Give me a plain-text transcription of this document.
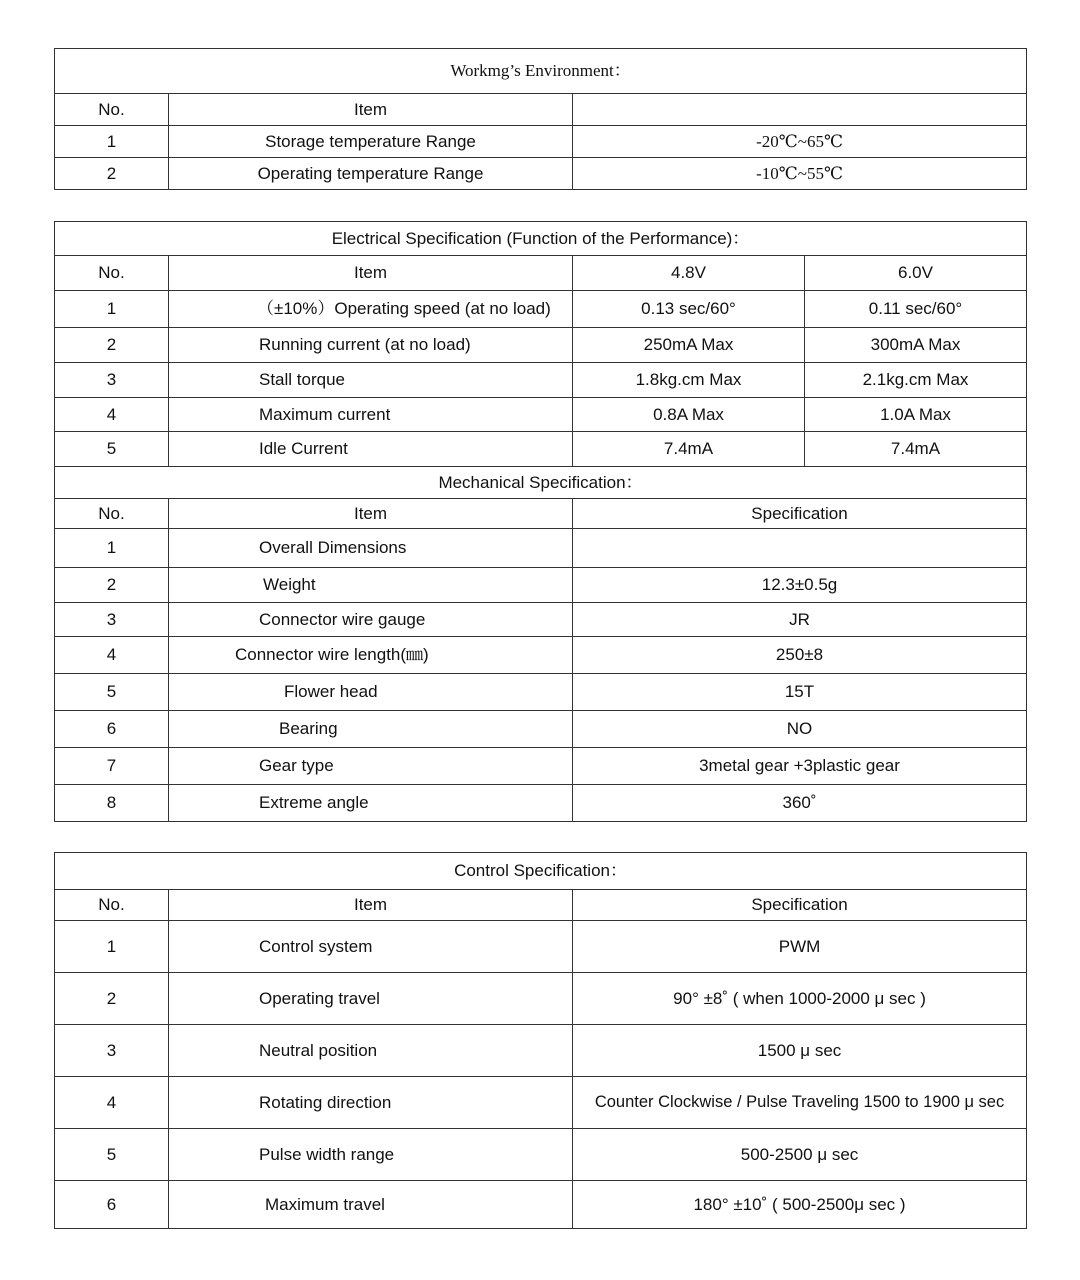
Workmg’s Environment：		
No.	Item	
1	Storage temperature Range	-20℃~65℃
2	Operating temperature Range	-10℃~55℃
Electrical Specification (Function of the Performance)：			
No.	Item	4.8V	6.0V
1	（±10%）Operating speed (at no load)	0.13 sec/60°	0.11 sec/60°
2	Running current (at no load)	250mA Max	300mA Max
3	Stall torque	1.8kg.cm Max	2.1kg.cm Max
4	Maximum current	0.8A Max	1.0A Max
5	Idle Current	7.4mA	7.4mA
Mechanical Specification：			
No.	Item	Specification	
1	Overall Dimensions		
2	Weight	12.3±0.5g	
3	Connector wire gauge	JR	
4	Connector wire length(㎜)	250±8	
5	Flower head	15T	
6	Bearing	NO	
7	Gear type	3metal gear +3plastic gear	
8	Extreme angle	360˚	
Control Specification：		
No.	Item	Specification
1	Control system	PWM
2	Operating travel	90° ±8˚ ( when 1000-2000 μ sec )
3	Neutral position	1500 μ sec
4	Rotating direction	Counter Clockwise / Pulse Traveling 1500 to 1900 μ sec
5	Pulse width range	500-2500 μ sec
6	Maximum travel	180° ±10˚ ( 500-2500μ sec )
